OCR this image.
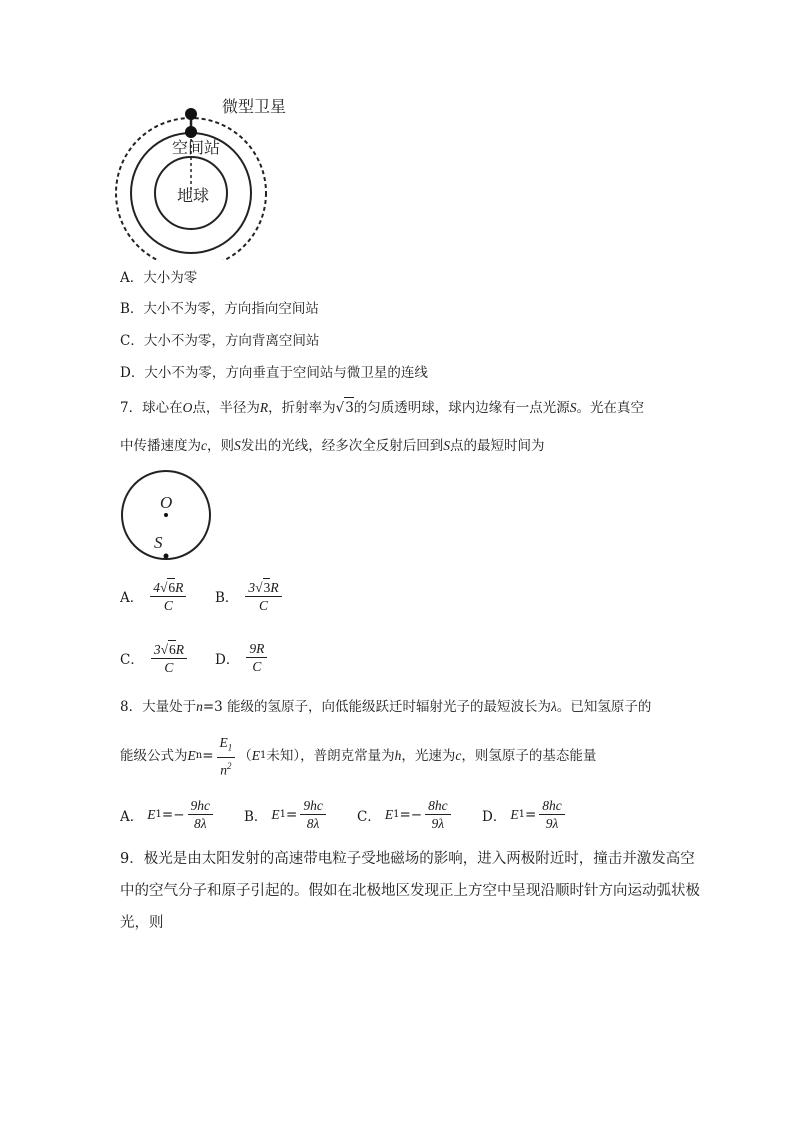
微型卫星
空间站
地球
A．大小为零
B．大小不为零，方向指向空间站
C．大小不为零，方向背离空间站
D．大小不为零，方向垂直于空间站与微卫星的连线
7．球心在O点，半径为R，折射率为√3的匀质透明球，球内边缘有一点光源S。光在真空
中传播速度为c，则S发出的光线，经多次全反射后回到S点的最短时间为
O
S
A． $\frac{4√6R}{C}$ B． $\frac{3√3R}{C}$
C． $\frac{3√6R}{C}$ D． $\frac{9R}{C}$
8．大量处于n=3 能级的氢原子，向低能级跃迁时辐射光子的最短波长为λ。已知氢原子的
能级公式为 E $n = \frac{E_1}{n^2}$ （ E 1 未知），普朗克常量为 h ，光速为 c ，则氢原子的基态能量
A． E 1 = − $\frac{9hc}{8\lambda}$ B． E $1 = \frac{9hc}{8\lambda}$ C． E 1 = − $\frac{8hc}{9\lambda}$ D． E $1 = \frac{8hc}{9\lambda}$
9．极光是由太阳发射的高速带电粒子受地磁场的影响，进入两极附近时，撞击并激发高空
中的空气分子和原子引起的。假如在北极地区发现正上方空中呈现沿顺时针方向运动弧状极
光，则
